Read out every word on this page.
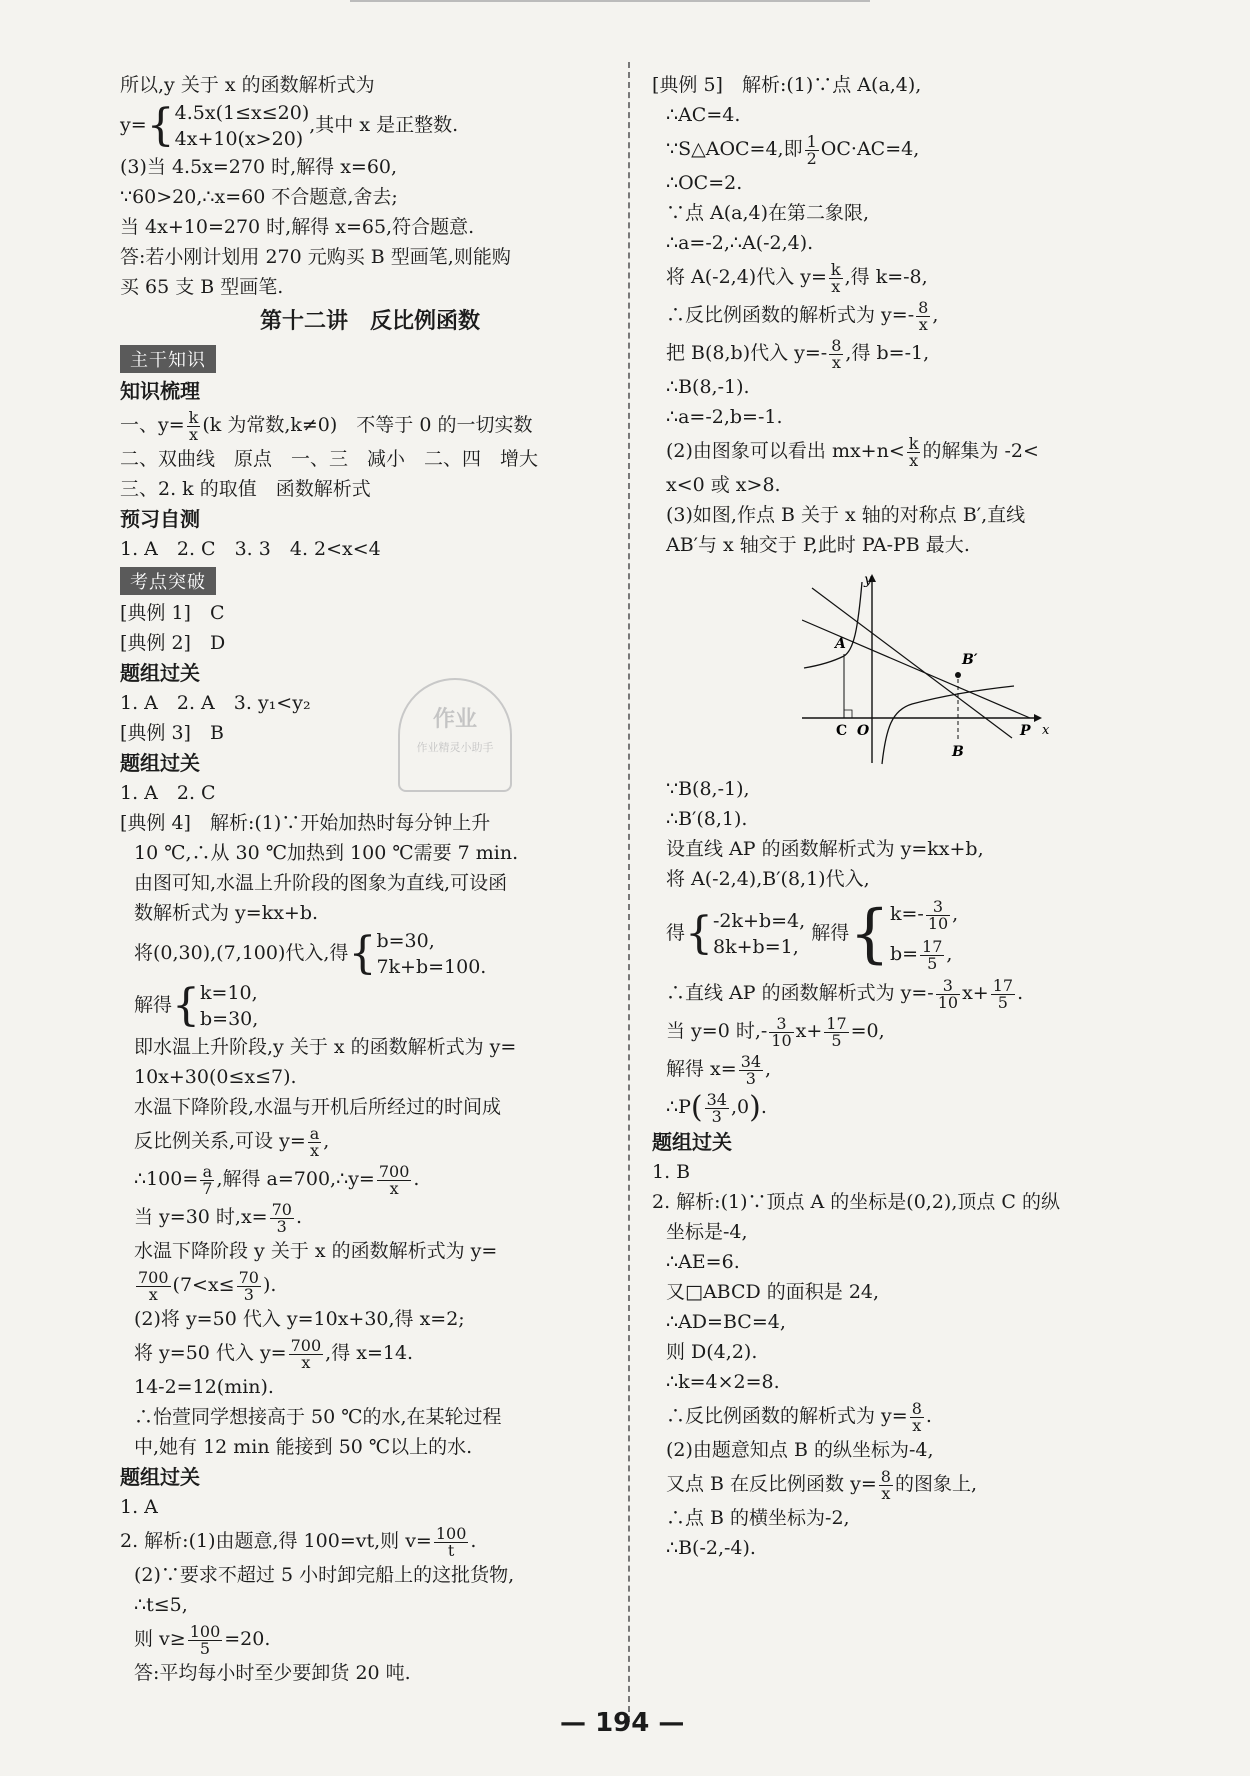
所以,y 关于 x 的函数解析式为
y={4.5x(1≤x≤20)
4x+10(x>20),其中 x 是正整数.
(3)当 4.5x=270 时,解得 x=60,
∵60>20,∴x=60 不合题意,舍去;
当 4x+10=270 时,解得 x=65,符合题意.
答:若小刚计划用 270 元购买 B 型画笔,则能购
买 65 支 B 型画笔.
第十二讲　反比例函数
主干知识
知识梳理
一、$y= \frac{k}{x} (k$ 为常数,k≠0)　不等于 0 的一切实数
二、双曲线　原点　一、三　减小　二、四　增大
三、2. k 的取值　函数解析式
预习自测
1. A　2. C　3. 3　4. 2<x<4
考点突破
[典例 1]　C
[典例 2]　D
题组过关
1. A　2. A　3. y₁<y₂
[典例 3]　B
题组过关
1. A　2. C
[典例 4]　解析:(1)∵开始加热时每分钟上升
10 ℃,∴从 30 ℃加热到 100 ℃需要 7 min.
由图可知,水温上升阶段的图象为直线,可设函
数解析式为 y=kx+b.
将(0,30),(7,100)代入,得{b=30,
7k+b=100.
解得{k=10,
b=30,
即水温上升阶段,y 关于 x 的函数解析式为 y=
10x+30(0≤x≤7).
水温下降阶段,水温与开机后所经过的时间成
反比例关系,可设 $y= \frac{a}{x}$ ,
∴100= $\frac{a}{7}$ ,解得 a=700,∴y= $\frac{700}{x}$ .
当 y=30 时$,x= \frac{70}{3}$ .
水温下降阶段 y 关于 x 的函数解析式为 y=
$\frac{700}{x} (7<x\le \frac{70}{3}$ ).
(2)将 y=50 代入 y=10x+30,得 x=2;
将 y=50 代入 $y= \frac{700}{x}$ ,得 x=14.
14-2=12(min).
∴怡萱同学想接高于 50 ℃的水,在某轮过程
中,她有 12 min 能接到 50 ℃以上的水.
题组过关
1. A
2. 解析:(1)由题意,得 100=vt,则 $v= \frac{100}{t}$ .
(2)∵要求不超过 5 小时卸完船上的这批货物,
∴t≤5,
则 $v\ge \frac{100}{5} =20$.
答:平均每小时至少要卸货 20 吨.
[典例 5]　解析:(1)∵点 A(a,4),
∴AC=4.
∵S△AOC=4,即 $\frac{1}{2} OC\cdot AC=4$,
∴OC=2.
∵点 A(a,4)在第二象限,
∴a=-2,∴A(-2,4).
将 A(-2,4)代入 $y= \frac{k}{x}$ ,得 k=-8,
∴反比例函数的解析式为 $y=- \frac{8}{x}$ ,
把 B(8,b)代入 $y=- \frac{8}{x}$ ,得 b=-1,
∴B(8,-1).
∴a=-2,b=-1.
(2)由图象可以看出 $mx+n< \frac{k}{x}$ 的解集为 -2<
x<0 或 x>8.
(3)如图,作点 B 关于 x 轴的对称点 B′,直线
AB′与 x 轴交于 P,此时 PA-PB 最大.
y
A
B′
C O	P x
B
∵B(8,-1),
∴B′(8,1).
设直线 AP 的函数解析式为 y=kx+b,
将 A(-2,4),B′(8,1)代入,
得{-2k+b=4,
8k+b=1, 解得{$k=- \frac{3}{10}$ ,
$b= \frac{17}{5}$ ,
∴直线 AP 的函数解析式为 $y=- \frac{3}{10} x+ \frac{17}{5}$ .
当 y=0 时,- $\frac{3}{10} x+ \frac{17}{5} =0$,
解得 $x= \frac{34}{3}$ ,
∴P( $\frac{34}{3} ,0$).
题组过关
1. B
2. 解析:(1)∵顶点 A 的坐标是(0,2),顶点 C 的纵
坐标是-4,
∴AE=6.
又□ABCD 的面积是 24,
∴AD=BC=4,
则 D(4,2).
∴k=4×2=8.
∴反比例函数的解析式为 $y= \frac{8}{x}$ .
(2)由题意知点 B 的纵坐标为-4,
又点 B 在反比例函数 $y= \frac{8}{x}$ 的图象上,
∴点 B 的横坐标为-2,
∴B(-2,-4).
作业
作业精灵小助手
— 194 —
